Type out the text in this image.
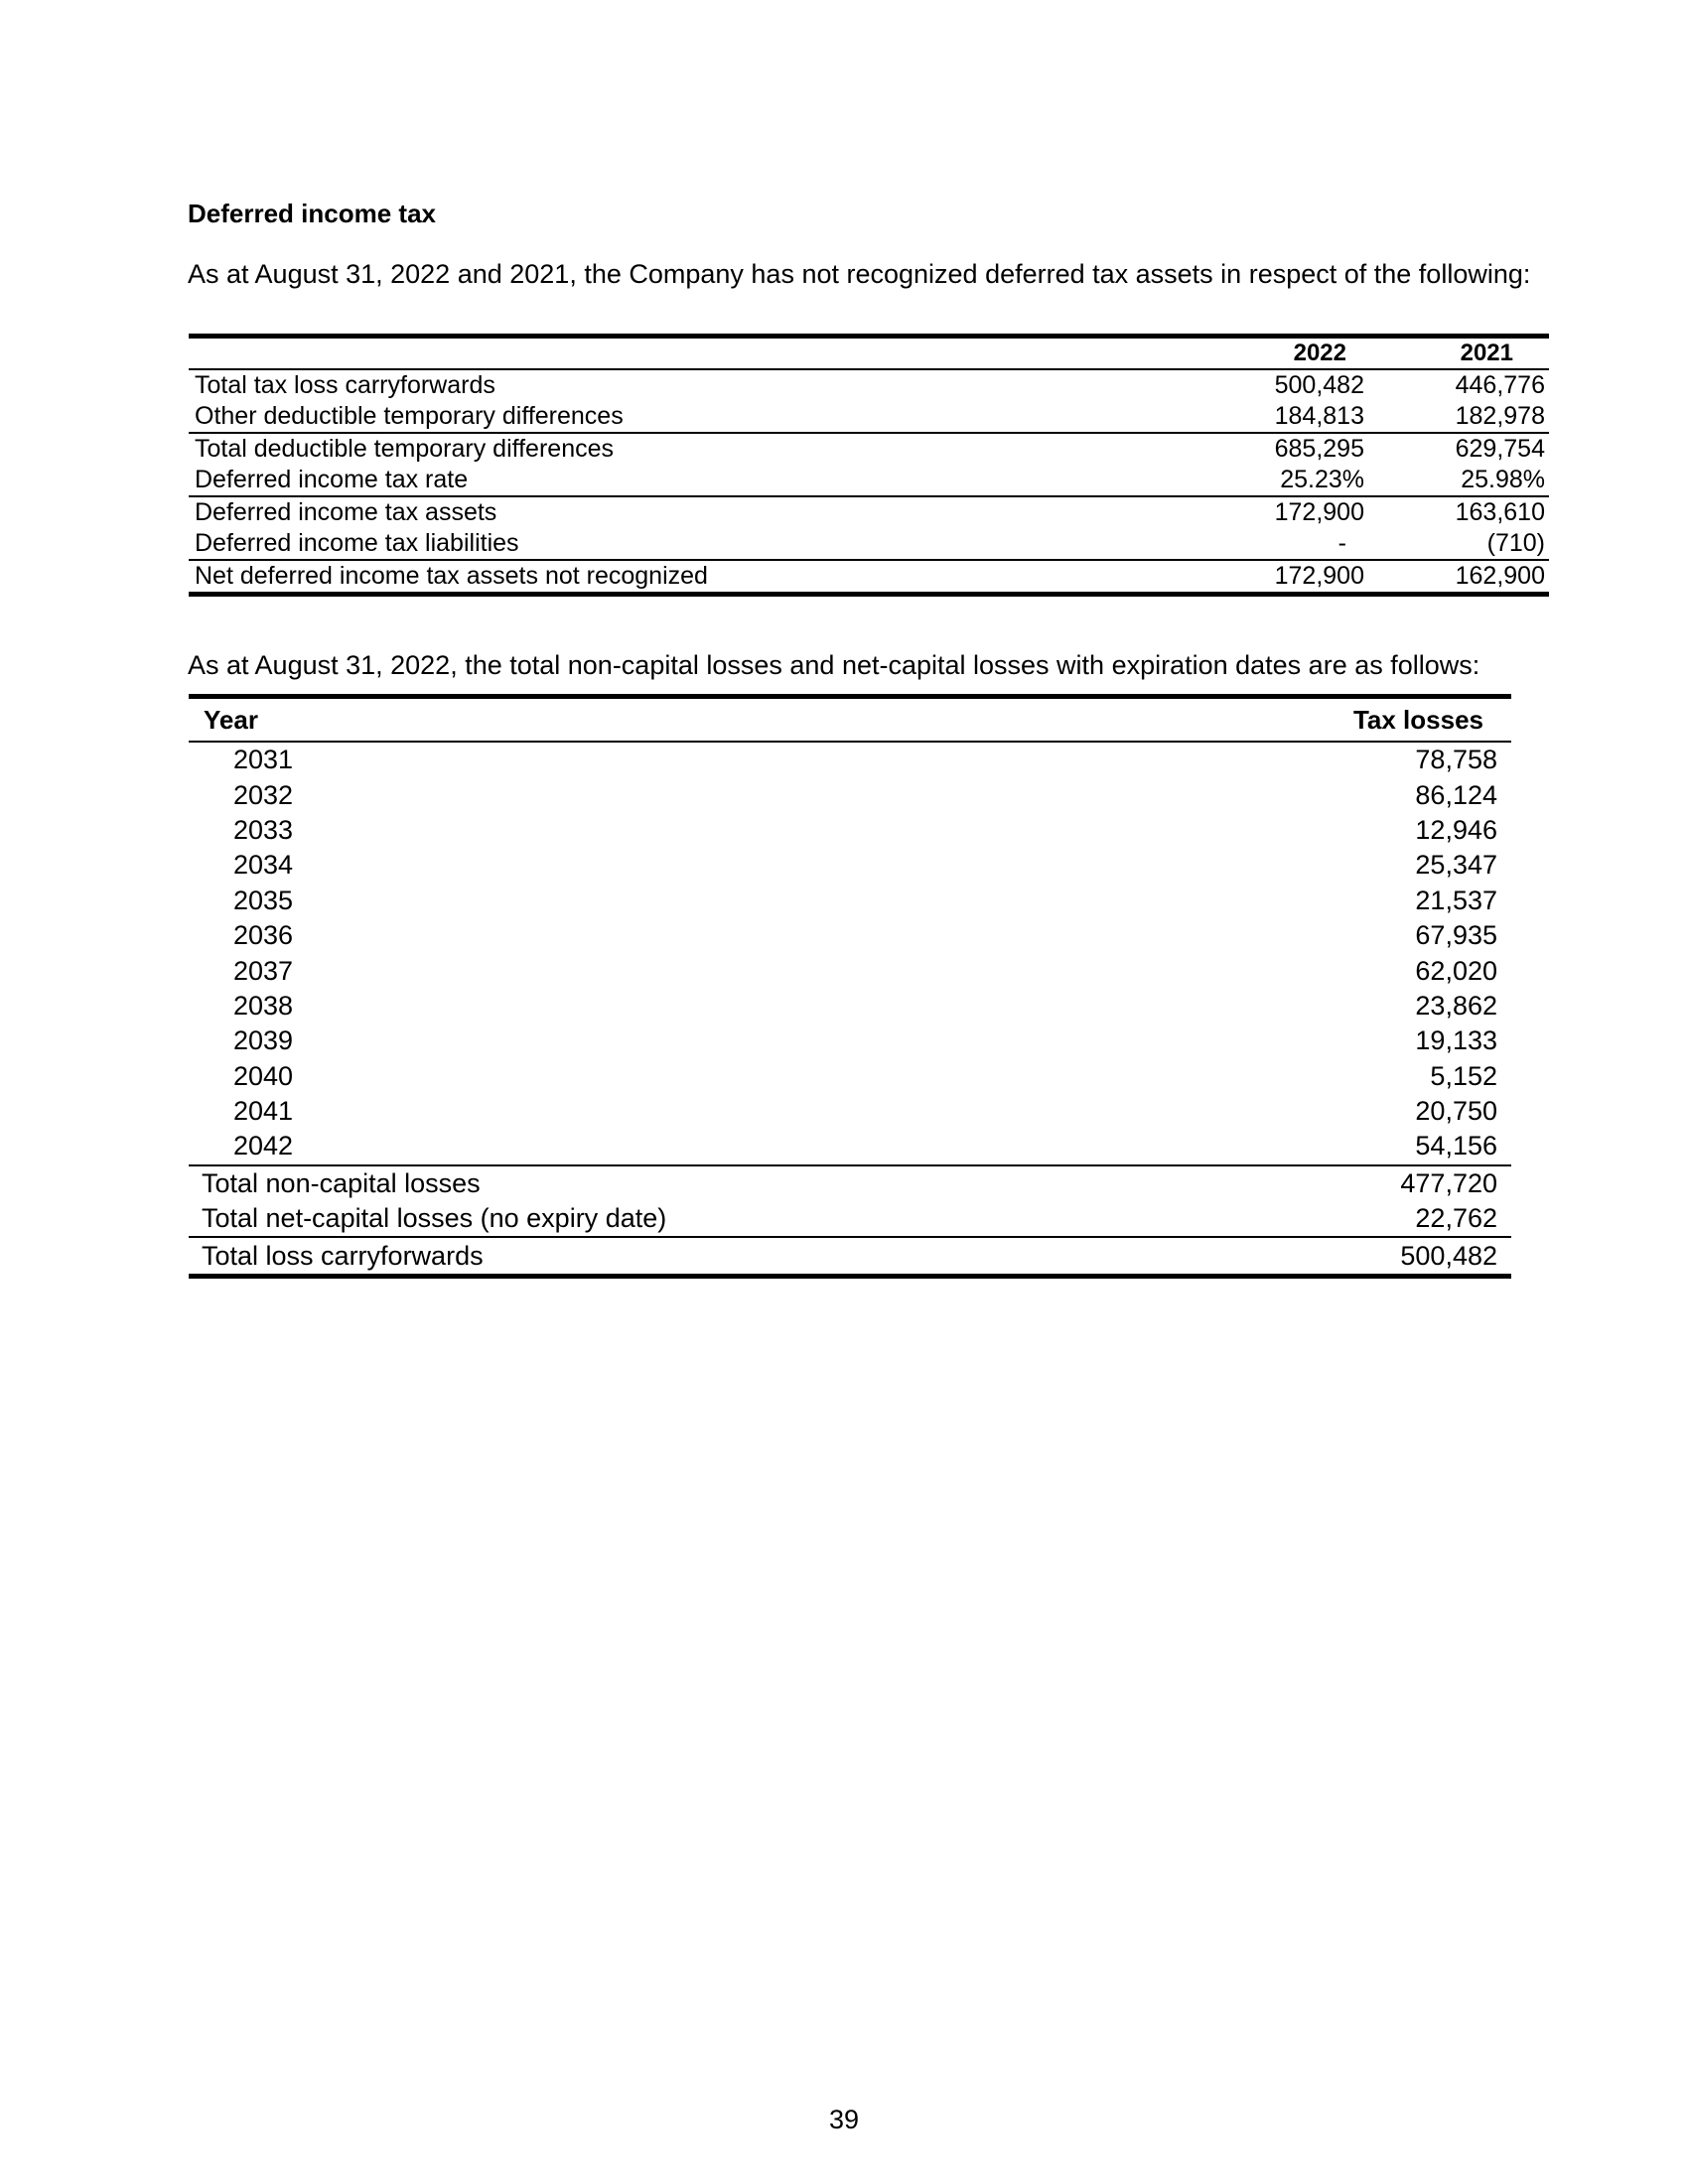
Deferred income tax
As at August 31, 2022 and 2021, the Company has not recognized deferred tax assets in respect of the following:
	2022	2021
Total tax loss carryforwards	500,482	446,776
Other deductible temporary differences	184,813	182,978
Total deductible temporary differences	685,295	629,754
Deferred income tax rate	25.23%	25.98%
Deferred income tax assets	172,900	163,610
Deferred income tax liabilities	-	(710)
Net deferred income tax assets not recognized	172,900	162,900
As at August 31, 2022, the total non-capital losses and net-capital losses with expiration dates are as follows:
Year	Tax losses
2031	78,758
2032	86,124
2033	12,946
2034	25,347
2035	21,537
2036	67,935
2037	62,020
2038	23,862
2039	19,133
2040	5,152
2041	20,750
2042	54,156
Total non-capital losses	477,720
Total net-capital losses (no expiry date)	22,762
Total loss carryforwards	500,482
39
